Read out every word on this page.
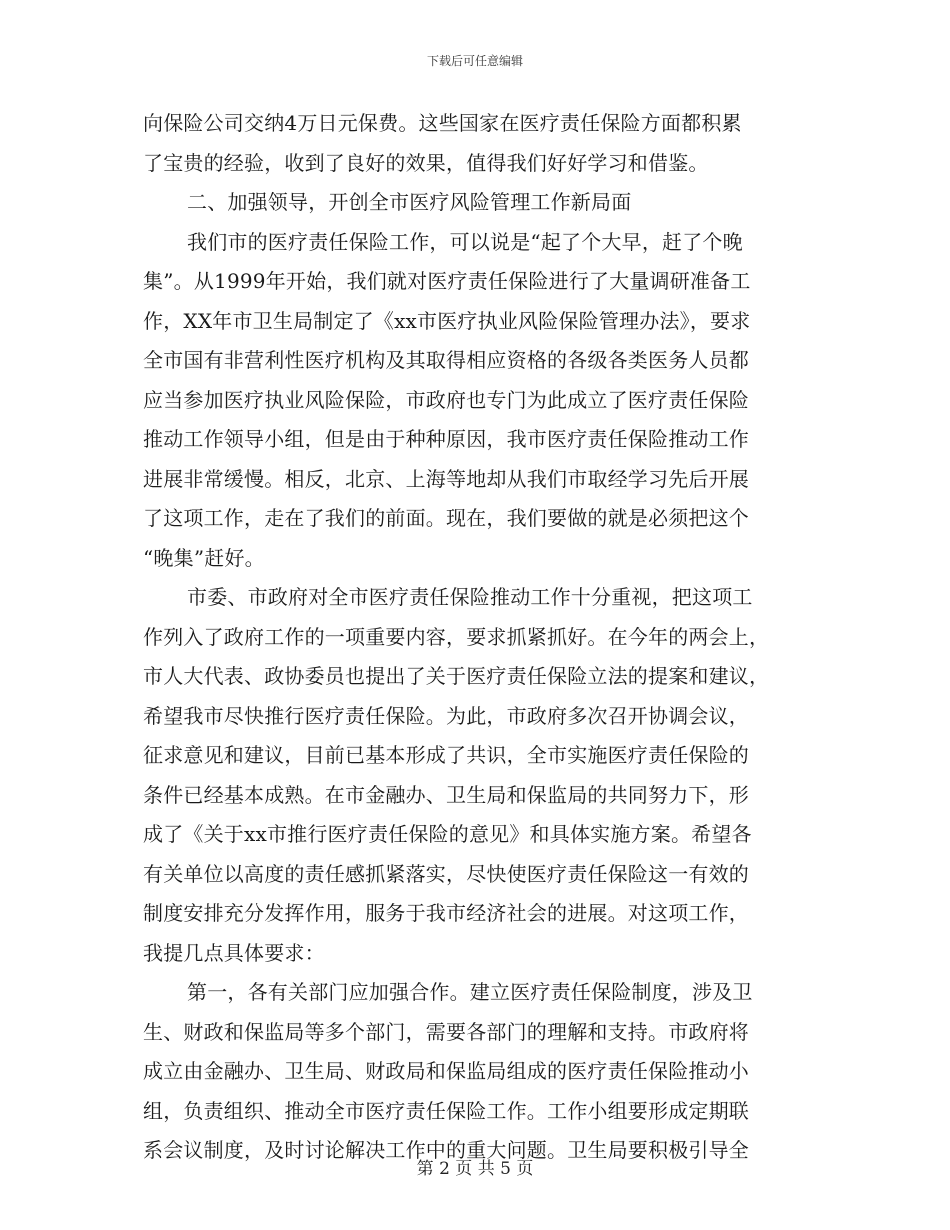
下载后可任意编辑
向保险公司交纳4万日元保费。这些国家在医疗责任保险方面都积累
了宝贵的经验，收到了良好的效果，值得我们好好学习和借鉴。
二、加强领导，开创全市医疗风险管理工作新局面
我们市的医疗责任保险工作，可以说是“起了个大早，赶了个晚
集”。从1999年开始，我们就对医疗责任保险进行了大量调研准备工
作，XX年市卫生局制定了《xx市医疗执业风险保险管理办法》，要求
全市国有非营利性医疗机构及其取得相应资格的各级各类医务人员都
应当参加医疗执业风险保险，市政府也专门为此成立了医疗责任保险
推动工作领导小组，但是由于种种原因，我市医疗责任保险推动工作
进展非常缓慢。相反，北京、上海等地却从我们市取经学习先后开展
了这项工作，走在了我们的前面。现在，我们要做的就是必须把这个
“晚集”赶好。
市委、市政府对全市医疗责任保险推动工作十分重视，把这项工
作列入了政府工作的一项重要内容，要求抓紧抓好。在今年的两会上，
市人大代表、政协委员也提出了关于医疗责任保险立法的提案和建议，
希望我市尽快推行医疗责任保险。为此，市政府多次召开协调会议，
征求意见和建议，目前已基本形成了共识，全市实施医疗责任保险的
条件已经基本成熟。在市金融办、卫生局和保监局的共同努力下，形
成了《关于xx市推行医疗责任保险的意见》和具体实施方案。希望各
有关单位以高度的责任感抓紧落实，尽快使医疗责任保险这一有效的
制度安排充分发挥作用，服务于我市经济社会的进展。对这项工作，
我提几点具体要求：
第一，各有关部门应加强合作。建立医疗责任保险制度，涉及卫
生、财政和保监局等多个部门，需要各部门的理解和支持。市政府将
成立由金融办、卫生局、财政局和保监局组成的医疗责任保险推动小
组，负责组织、推动全市医疗责任保险工作。工作小组要形成定期联
系会议制度，及时讨论解决工作中的重大问题。卫生局要积极引导全
第 2 页 共 5 页
